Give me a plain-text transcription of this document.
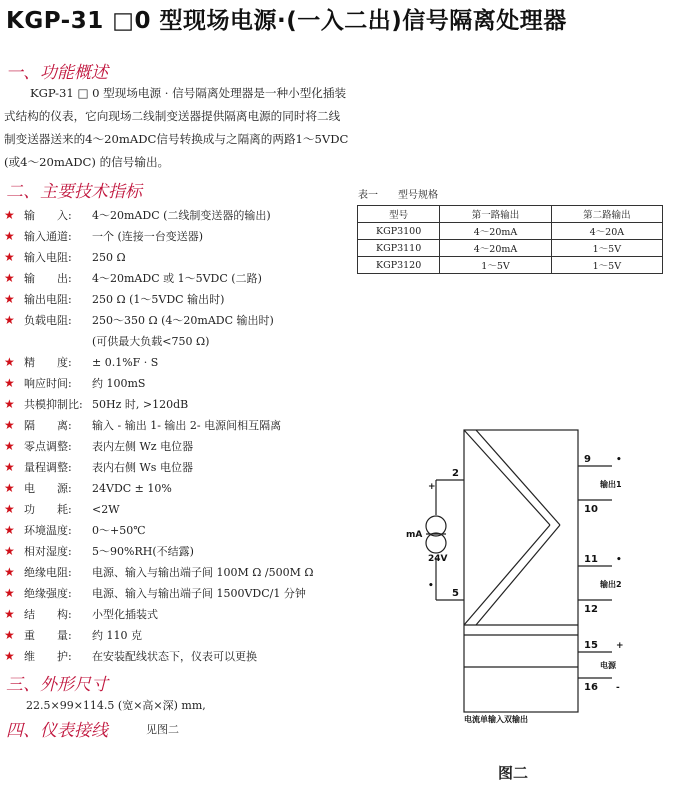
KGP-31 □0 型现场电源·(一入二出)信号隔离处理器
一、功能概述
KGP-31 □ 0 型现场电源 · 信号隔离处理器是一种小型化插装
式结构的仪表，它向现场二线制变送器提供隔离电源的同时将二线
制变送器送来的4～20mADC信号转换成与之隔离的两路1～5VDC
(或4～20mADC) 的信号输出。
二、主要技术指标
★ 输　　入: 4～20mADC (二线制变送器的输出)
★ 输入通道: 一个 (连接一台变送器)
★ 输入电阻: 250 Ω
★ 输　　出: 4～20mADC 或 1～5VDC (二路)
★ 输出电阻: 250 Ω (1～5VDC 输出时)
★ 负载电阻: 250～350 Ω (4～20mADC 输出时)
(可供最大负载<750 Ω)
★ 精　　度: ± 0.1%F · S
★ 响应时间: 约 100mS
★ 共模抑制比: 50Hz 时, >120dB
★ 隔　　离: 输入 - 输出 1- 输出 2- 电源间相互隔离
★ 零点调整: 表内左侧 Wz 电位器
★ 量程调整: 表内右侧 Ws 电位器
★ 电　　源: 24VDC ± 10%
★ 功　　耗: <2W
★ 环境温度: 0～+50℃
★ 相对湿度: 5～90%RH(不结露)
★ 绝缘电阻: 电源、输入与输出端子间 100M Ω /500M Ω
★ 绝缘强度: 电源、输入与输出端子间 1500VDC/1 分钟
★ 结　　构: 小型化插装式
★ 重　　量: 约 110 克
★ 维　　护: 在安装配线状态下，仪表可以更换
表一　　型号规格
型号	第一路输出	第二路输出
KGP3100	4～20mA	4～20A
KGP3110	4～20mA	1～5V
KGP3120	1～5V	1～5V
三、外形尺寸
22.5×99×114.5 (宽×高×深) mm,
四、仪表接线	见图二
2
5
9
10
11
12
15
16
mA
24V
输出1
输出2
电源
电流单输入双输出
+
•
•
•
+
-
图二
